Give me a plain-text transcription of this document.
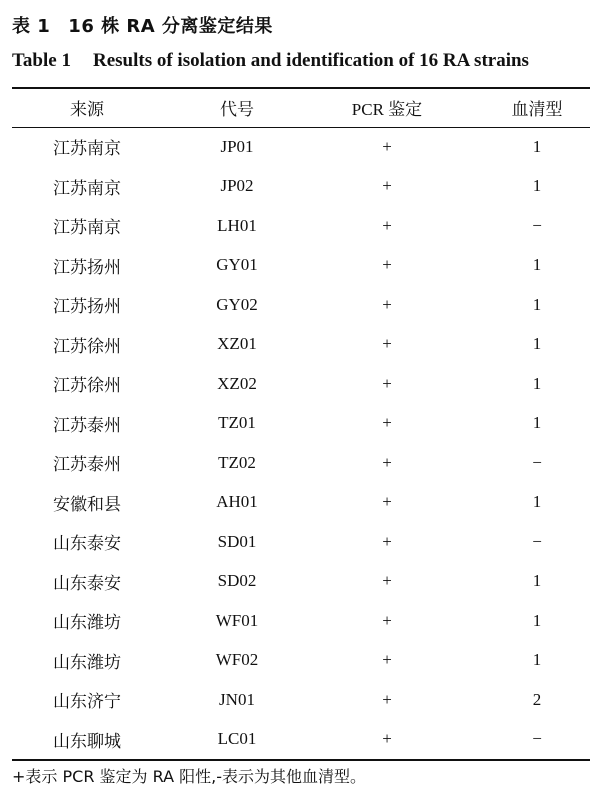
表 1 16 株 RA 分离鉴定结果
Table 1 Results of isolation and identification of 16 RA strains
来源	代号	PCR 鉴定	血清型
江苏南京	JP01	+	1
江苏南京	JP02	+	1
江苏南京	LH01	+	−
江苏扬州	GY01	+	1
江苏扬州	GY02	+	1
江苏徐州	XZ01	+	1
江苏徐州	XZ02	+	1
江苏泰州	TZ01	+	1
江苏泰州	TZ02	+	−
安徽和县	AH01	+	1
山东泰安	SD01	+	−
山东泰安	SD02	+	1
山东潍坊	WF01	+	1
山东潍坊	WF02	+	1
山东济宁	JN01	+	2
山东聊城	LC01	+	−
+表示 PCR 鉴定为 RA 阳性,-表示为其他血清型。
